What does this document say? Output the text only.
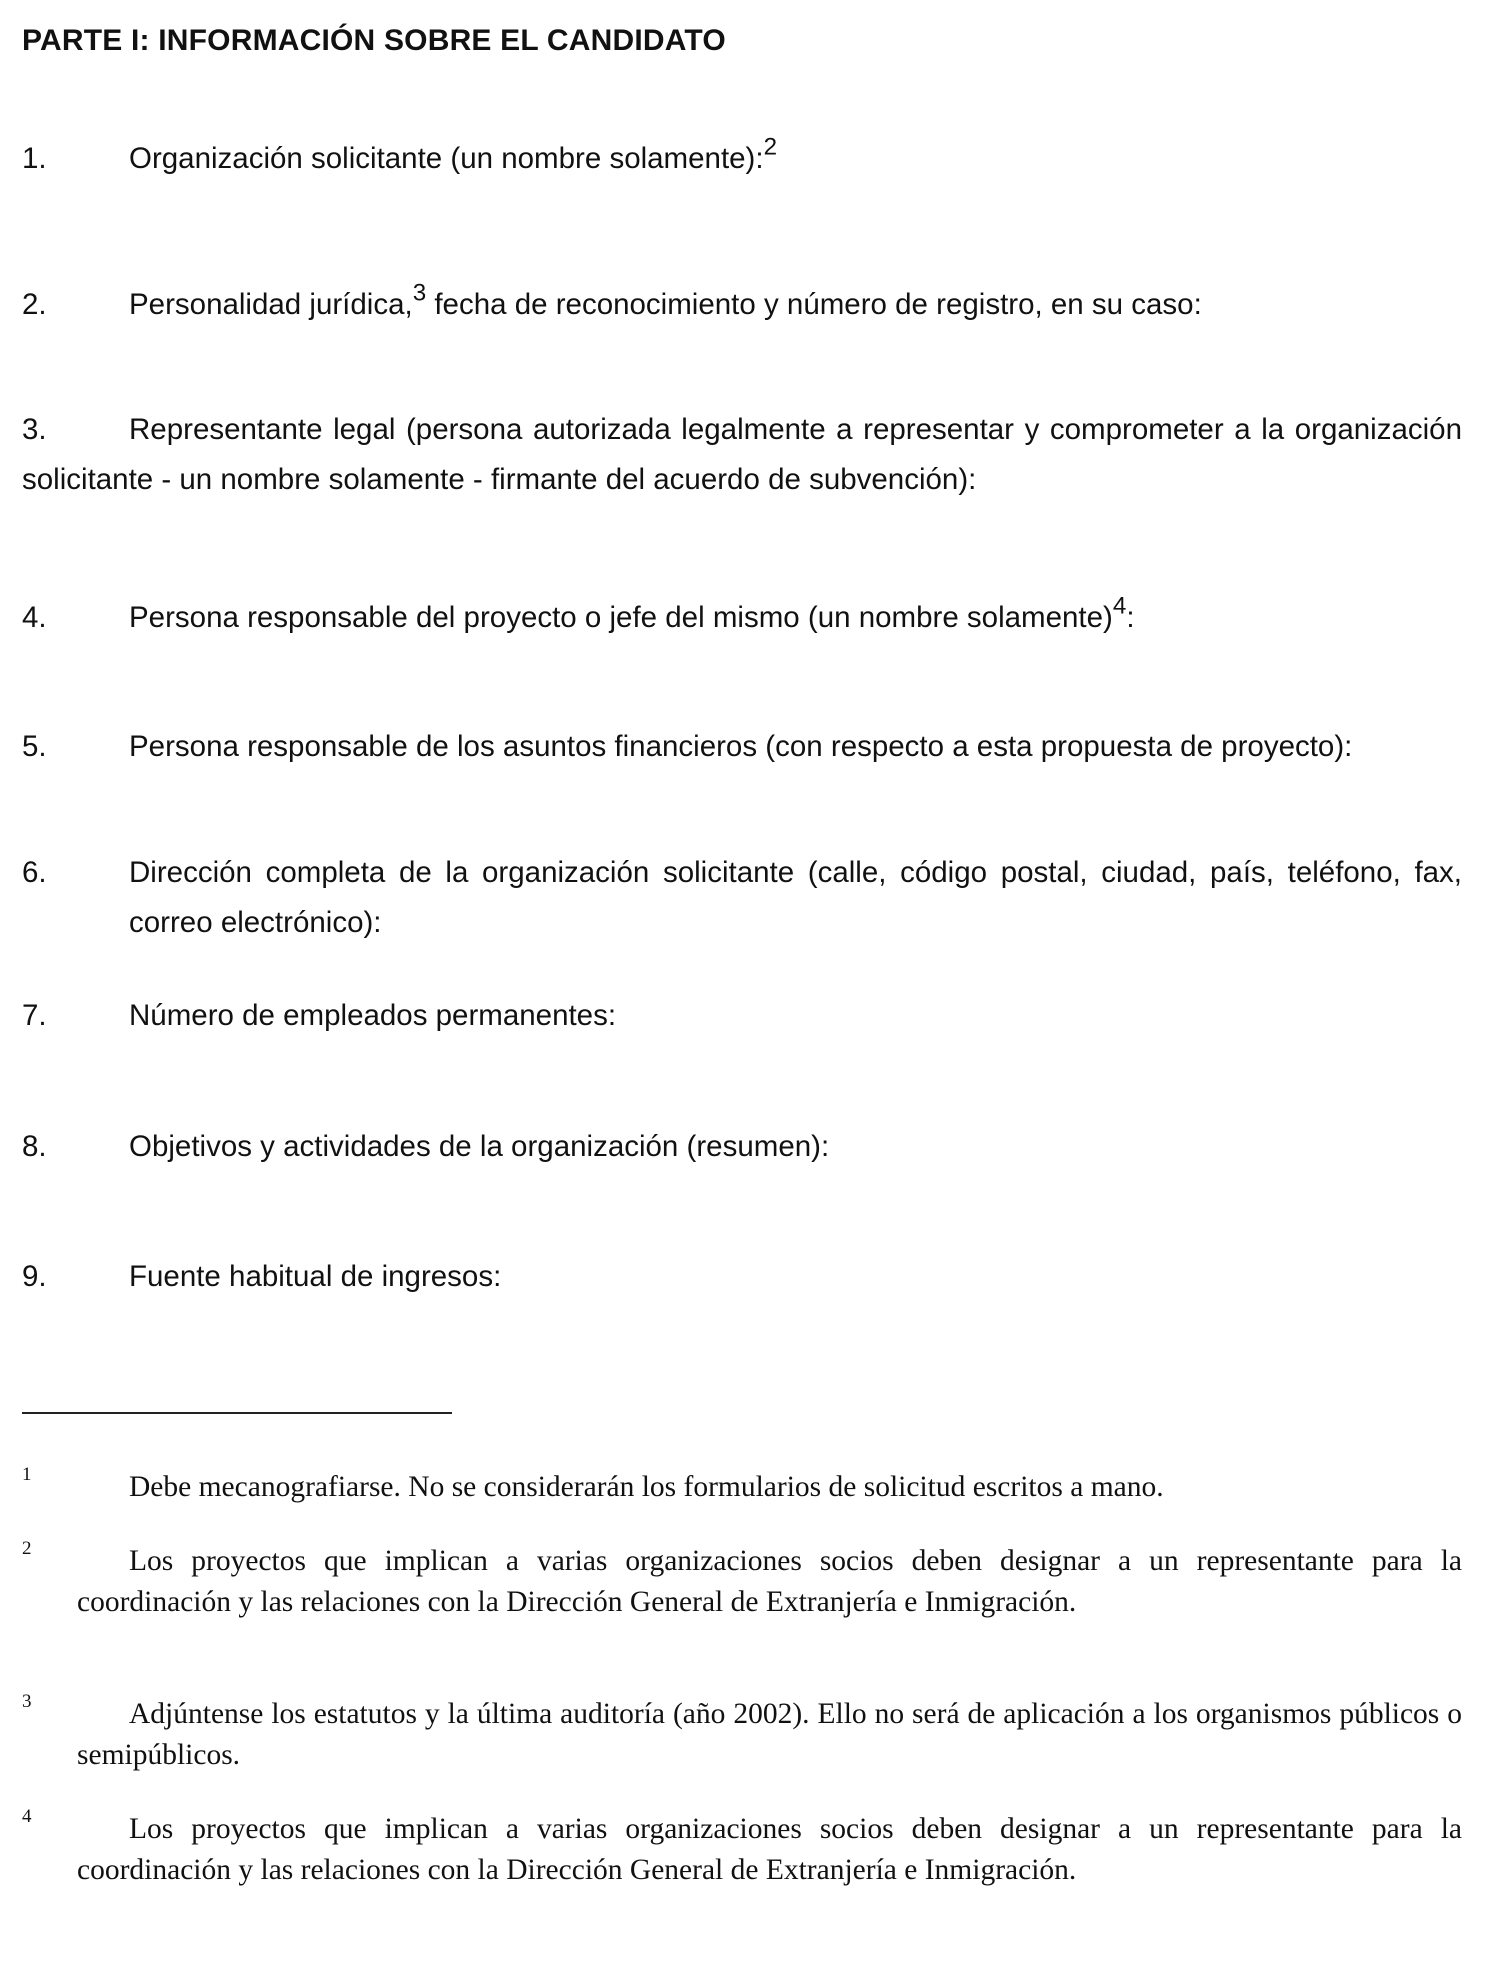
PARTE I: INFORMACIÓN SOBRE EL CANDIDATO
1.	Organización solicitante (un nombre solamente):$^2$
2.	Personalidad jurídica,$^3$ fecha de reconocimiento y número de registro, en su caso:
3.	Representante legal (persona autorizada legalmente a representar y comprometer a la organización solicitante - un nombre solamente - firmante del acuerdo de subvención):
4.	Persona responsable del proyecto o jefe del mismo (un nombre solamente)$^4$:
5.	Persona responsable de los asuntos financieros (con respecto a esta propuesta de proyecto):
6.	Dirección completa de la organización solicitante (calle, código postal, ciudad, país, teléfono, fax, correo electrónico):
7.	Número de empleados permanentes:
8.	Objetivos y actividades de la organización (resumen):
9.	Fuente habitual de ingresos:
1	Debe mecanografiarse. No se considerarán los formularios de solicitud escritos a mano.
2	Los proyectos que implican a varias organizaciones socios deben designar a un representante para la coordinación y las relaciones con la Dirección General de Extranjería e Inmigración.
3	Adjúntense los estatutos y la última auditoría (año 2002). Ello no será de aplicación a los organismos públicos o semipúblicos.
4	Los proyectos que implican a varias organizaciones socios deben designar a un representante para la coordinación y las relaciones con la Dirección General de Extranjería e Inmigración.
